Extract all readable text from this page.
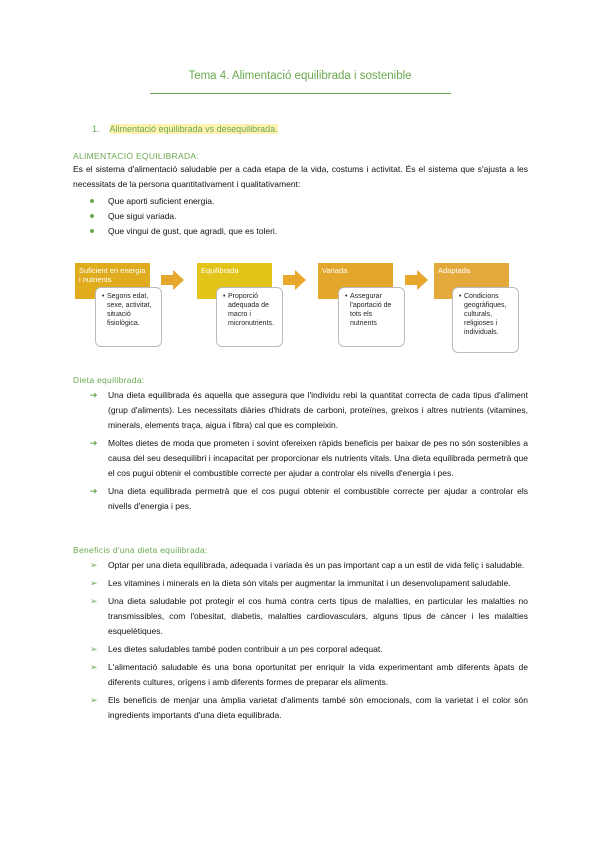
Tema 4. Alimentació equilibrada i sostenible
1. Alimentació equilibrada vs desequilibrada.
ALIMENTACIÓ EQUILIBRADA:
Es el sistema d'alimentació saludable per a cada etapa de la vida, costums i activitat. És el sistema que s'ajusta a les necessitats de la persona quantitativament i qualitativament:
Que aporti suficient energia.
Que sigui variada.
Que vingui de gust, que agradi, que es toleri.
Suficient en energia i nutrients
• Segons edat, sexe, activitat, situació fisiològica.
Equilibrada
• Proporció adequada de macro i micronutrients.
Variada
• Assegurar l'aportació de tots els nutrients
Adaptada
• Condicions geogràfiques, culturals, religioses i individuals.
Dieta equilibrada:
➔ Una dieta equilibrada és aquella que assegura que l'individu rebi la quantitat correcta de cada tipus d'aliment (grup d'aliments). Les necessitats diàries d'hidrats de carboni, proteïnes, greixos i altres nutrients (vitamines, minerals, elements traça, aigua i fibra) cal que es compleixin.
➔ Moltes dietes de moda que prometen i sovint ofereixen ràpids beneficis per baixar de pes no són sostenibles a causa del seu desequilibri i incapacitat per proporcionar els nutrients vitals. Una dieta equilibrada permetrà que el cos pugui obtenir el combustible correcte per ajudar a controlar els nivells d'energia i pes.
➔ Una dieta equilibrada permetrà que el cos pugui obtenir el combustible correcte per ajudar a controlar els nivells d'energia i pes.
Beneficis d'una dieta equilibrada:
➢ Optar per una dieta equilibrada, adequada i variada és un pas important cap a un estil de vida feliç i saludable.
➢ Les vitamines i minerals en la dieta són vitals per augmentar la immunitat i un desenvolupament saludable.
➢ Una dieta saludable pot protegir el cos humà contra certs tipus de malalties, en particular les malalties no transmissibles, com l'obesitat, diabetis, malalties cardiovasculars, alguns tipus de càncer i les malalties esquelètiques.
➢ Les dietes saludables també poden contribuir a un pes corporal adequat.
➢ L'alimentació saludable és una bona oportunitat per enriquir la vida experimentant amb diferents àpats de diferents cultures, orígens i amb diferents formes de preparar els aliments.
➢ Els beneficis de menjar una àmplia varietat d'aliments també són emocionals, com la varietat i el color són ingredients importants d'una dieta equilibrada.
